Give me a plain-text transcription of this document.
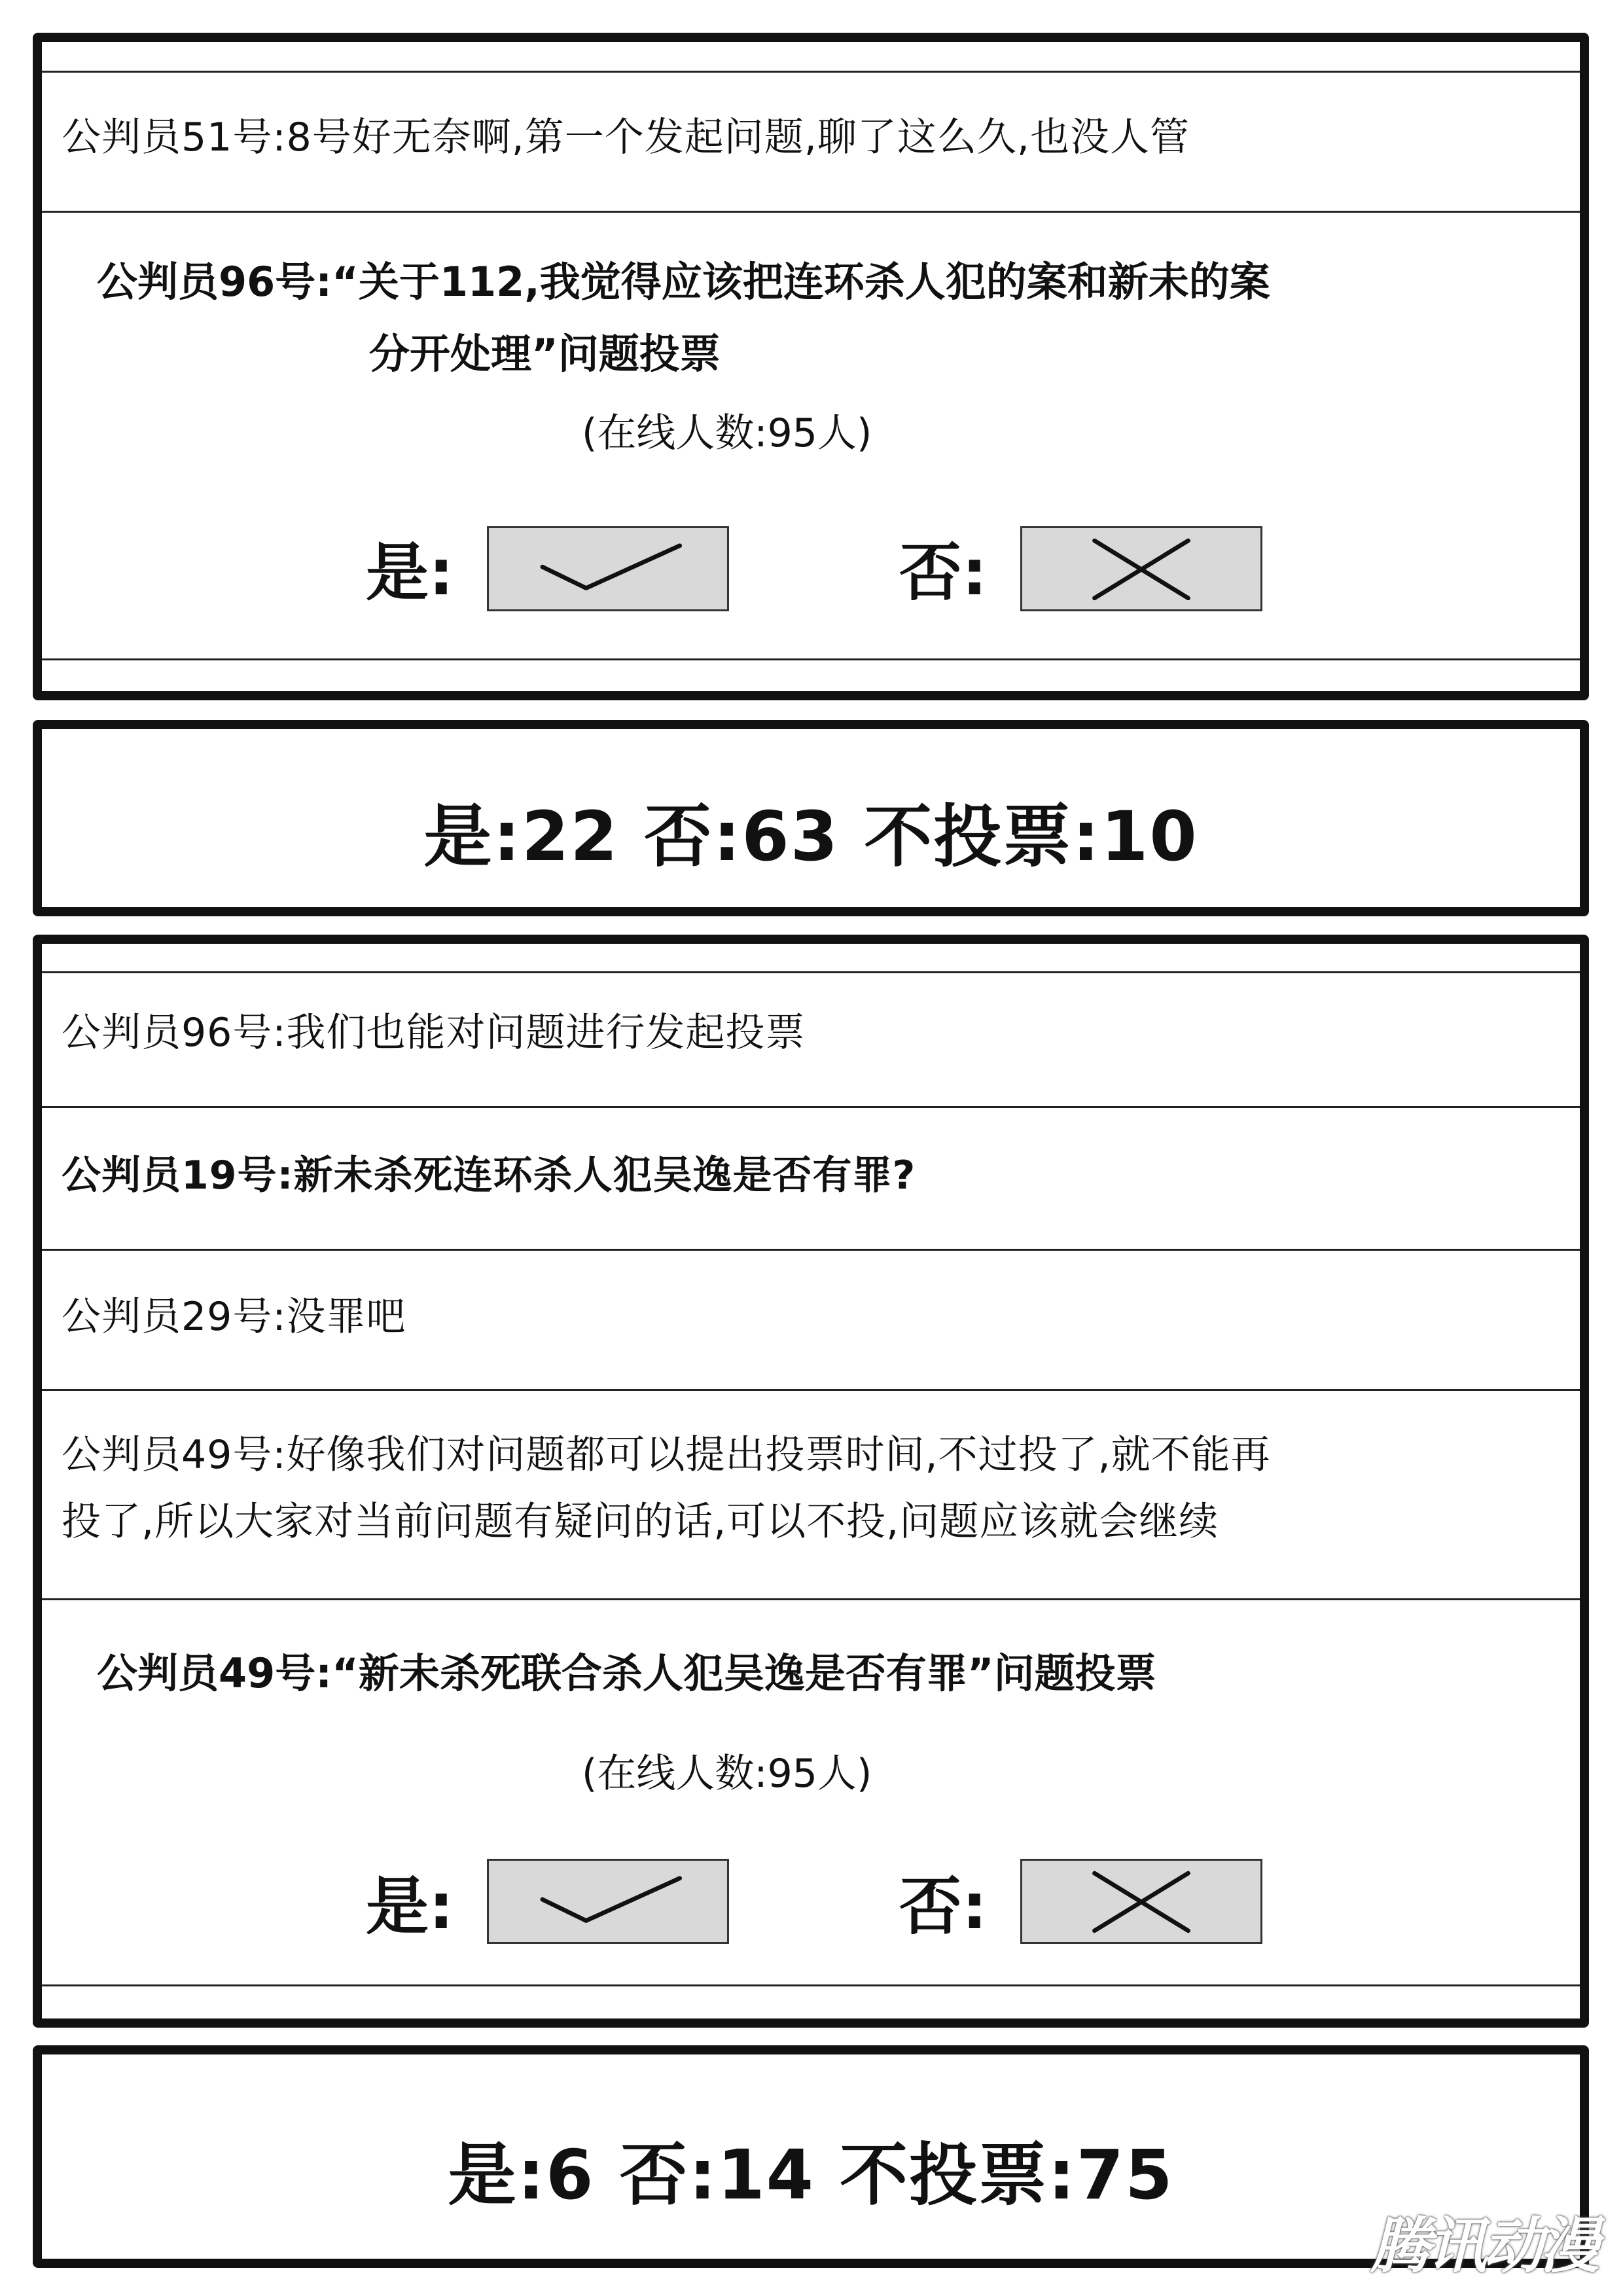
公判员51号:8号好无奈啊,第一个发起问题,聊了这么久,也没人管
公判员96号:“关于112,我觉得应该把连环杀人犯的案和新未的案
分开处理”问题投票
(在线人数:95人)
是:	否:
是:22 否:63 不投票:10
公判员96号:我们也能对问题进行发起投票
公判员19号:新未杀死连环杀人犯吴逸是否有罪?
公判员29号:没罪吧
公判员49号:好像我们对问题都可以提出投票时间,不过投了,就不能再
投了,所以大家对当前问题有疑问的话,可以不投,问题应该就会继续
公判员49号:“新未杀死联合杀人犯吴逸是否有罪”问题投票
(在线人数:95人)
是:	否:
是:6 否:14 不投票:75
腾讯动漫
